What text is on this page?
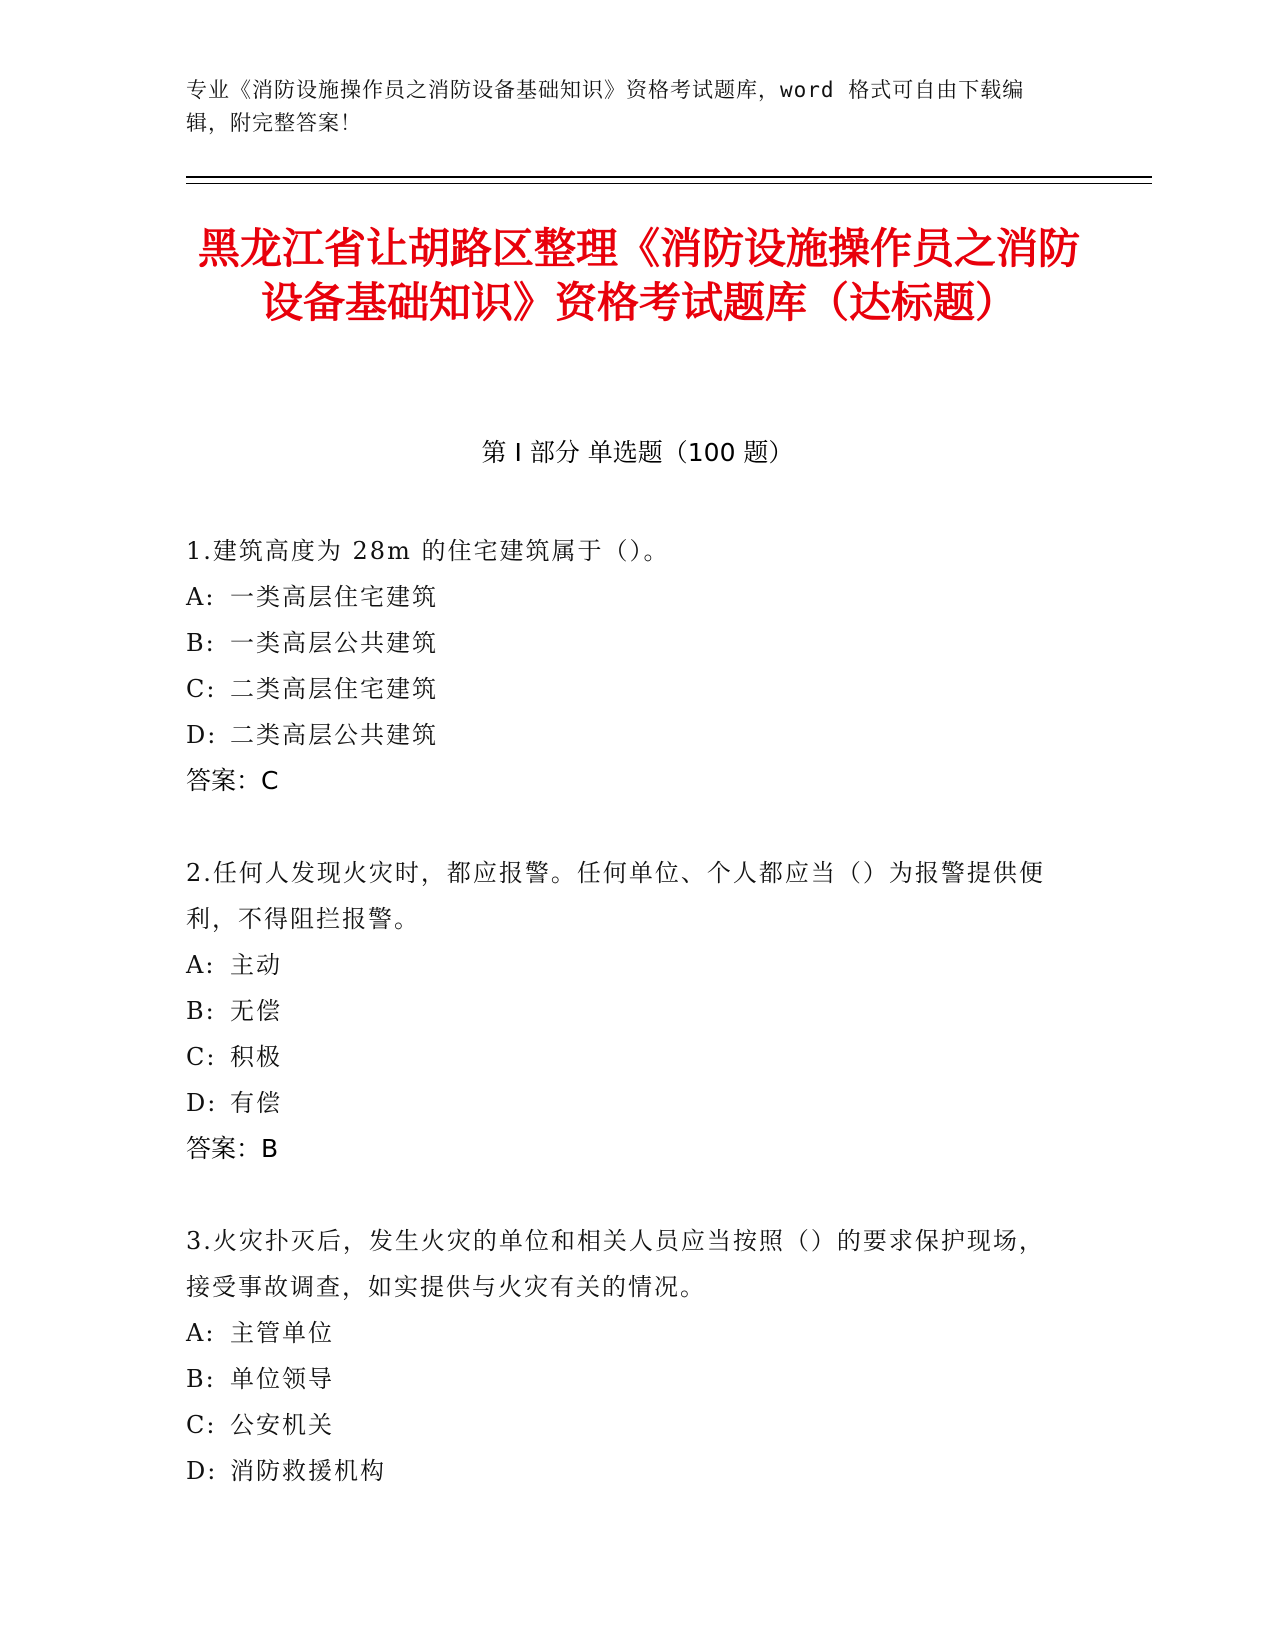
专业《消防设施操作员之消防设备基础知识》资格考试题库，word 格式可自由下载编辑，附完整答案！
黑龙江省让胡路区整理《消防设施操作员之消防设备基础知识》资格考试题库（达标题）
第 I 部分 单选题（100 题）
1.建筑高度为 28m 的住宅建筑属于（）。
A: 一类高层住宅建筑
B: 一类高层公共建筑
C: 二类高层住宅建筑
D: 二类高层公共建筑
答案：C
2.任何人发现火灾时，都应报警。任何单位、个人都应当（）为报警提供便利，不得阻拦报警。
A: 主动
B: 无偿
C: 积极
D: 有偿
答案：B
3.火灾扑灭后，发生火灾的单位和相关人员应当按照（）的要求保护现场，接受事故调查，如实提供与火灾有关的情况。
A: 主管单位
B: 单位领导
C: 公安机关
D: 消防救援机构
